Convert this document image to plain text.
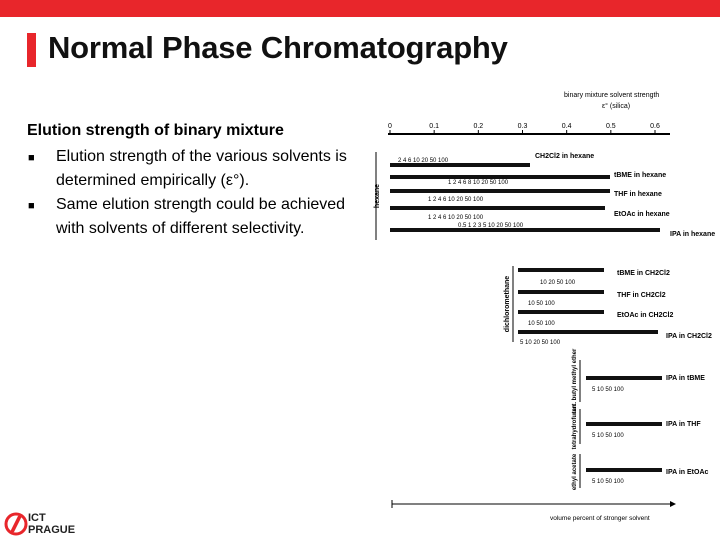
Normal Phase Chromatography
Elution strength of binary mixture
■ Elution strength of the various solvents is determined empirically (ε°).
■ Same elution strength could be achieved with solvents of different selectivity.
binary mixture solvent strength
ε° (silica)
0	0.1	0.2	0.3	0.4	0.5	0.6
hexane
2 4 6 10 20 50 100
CH2Cl2 in hexane
1 2 4 6 8 10 20 50 100
tBME in hexane
1 2 4 6 10 20 50 100
THF in hexane
1 2 4 6 10 20 50 100	EtOAc in hexane
0.5 1 2 3 5 10 20 50 100
IPA in hexane
dichloromethane	10 20 50 100
tBME in CH2Cl2
10 50 100
THF in CH2Cl2
10 50 100
EtOAc in CH2Cl2
5 10 20 50 100
IPA in CH2Cl2
tert. butyl methyl ether 5 10 50 100
IPA in tBME
tetrahydrofuran 5 10 50 100
IPA in THF
ethyl acetate 5 10 50 100
IPA in EtOAc
volume percent of stronger solvent
ICT
PRAGUE
